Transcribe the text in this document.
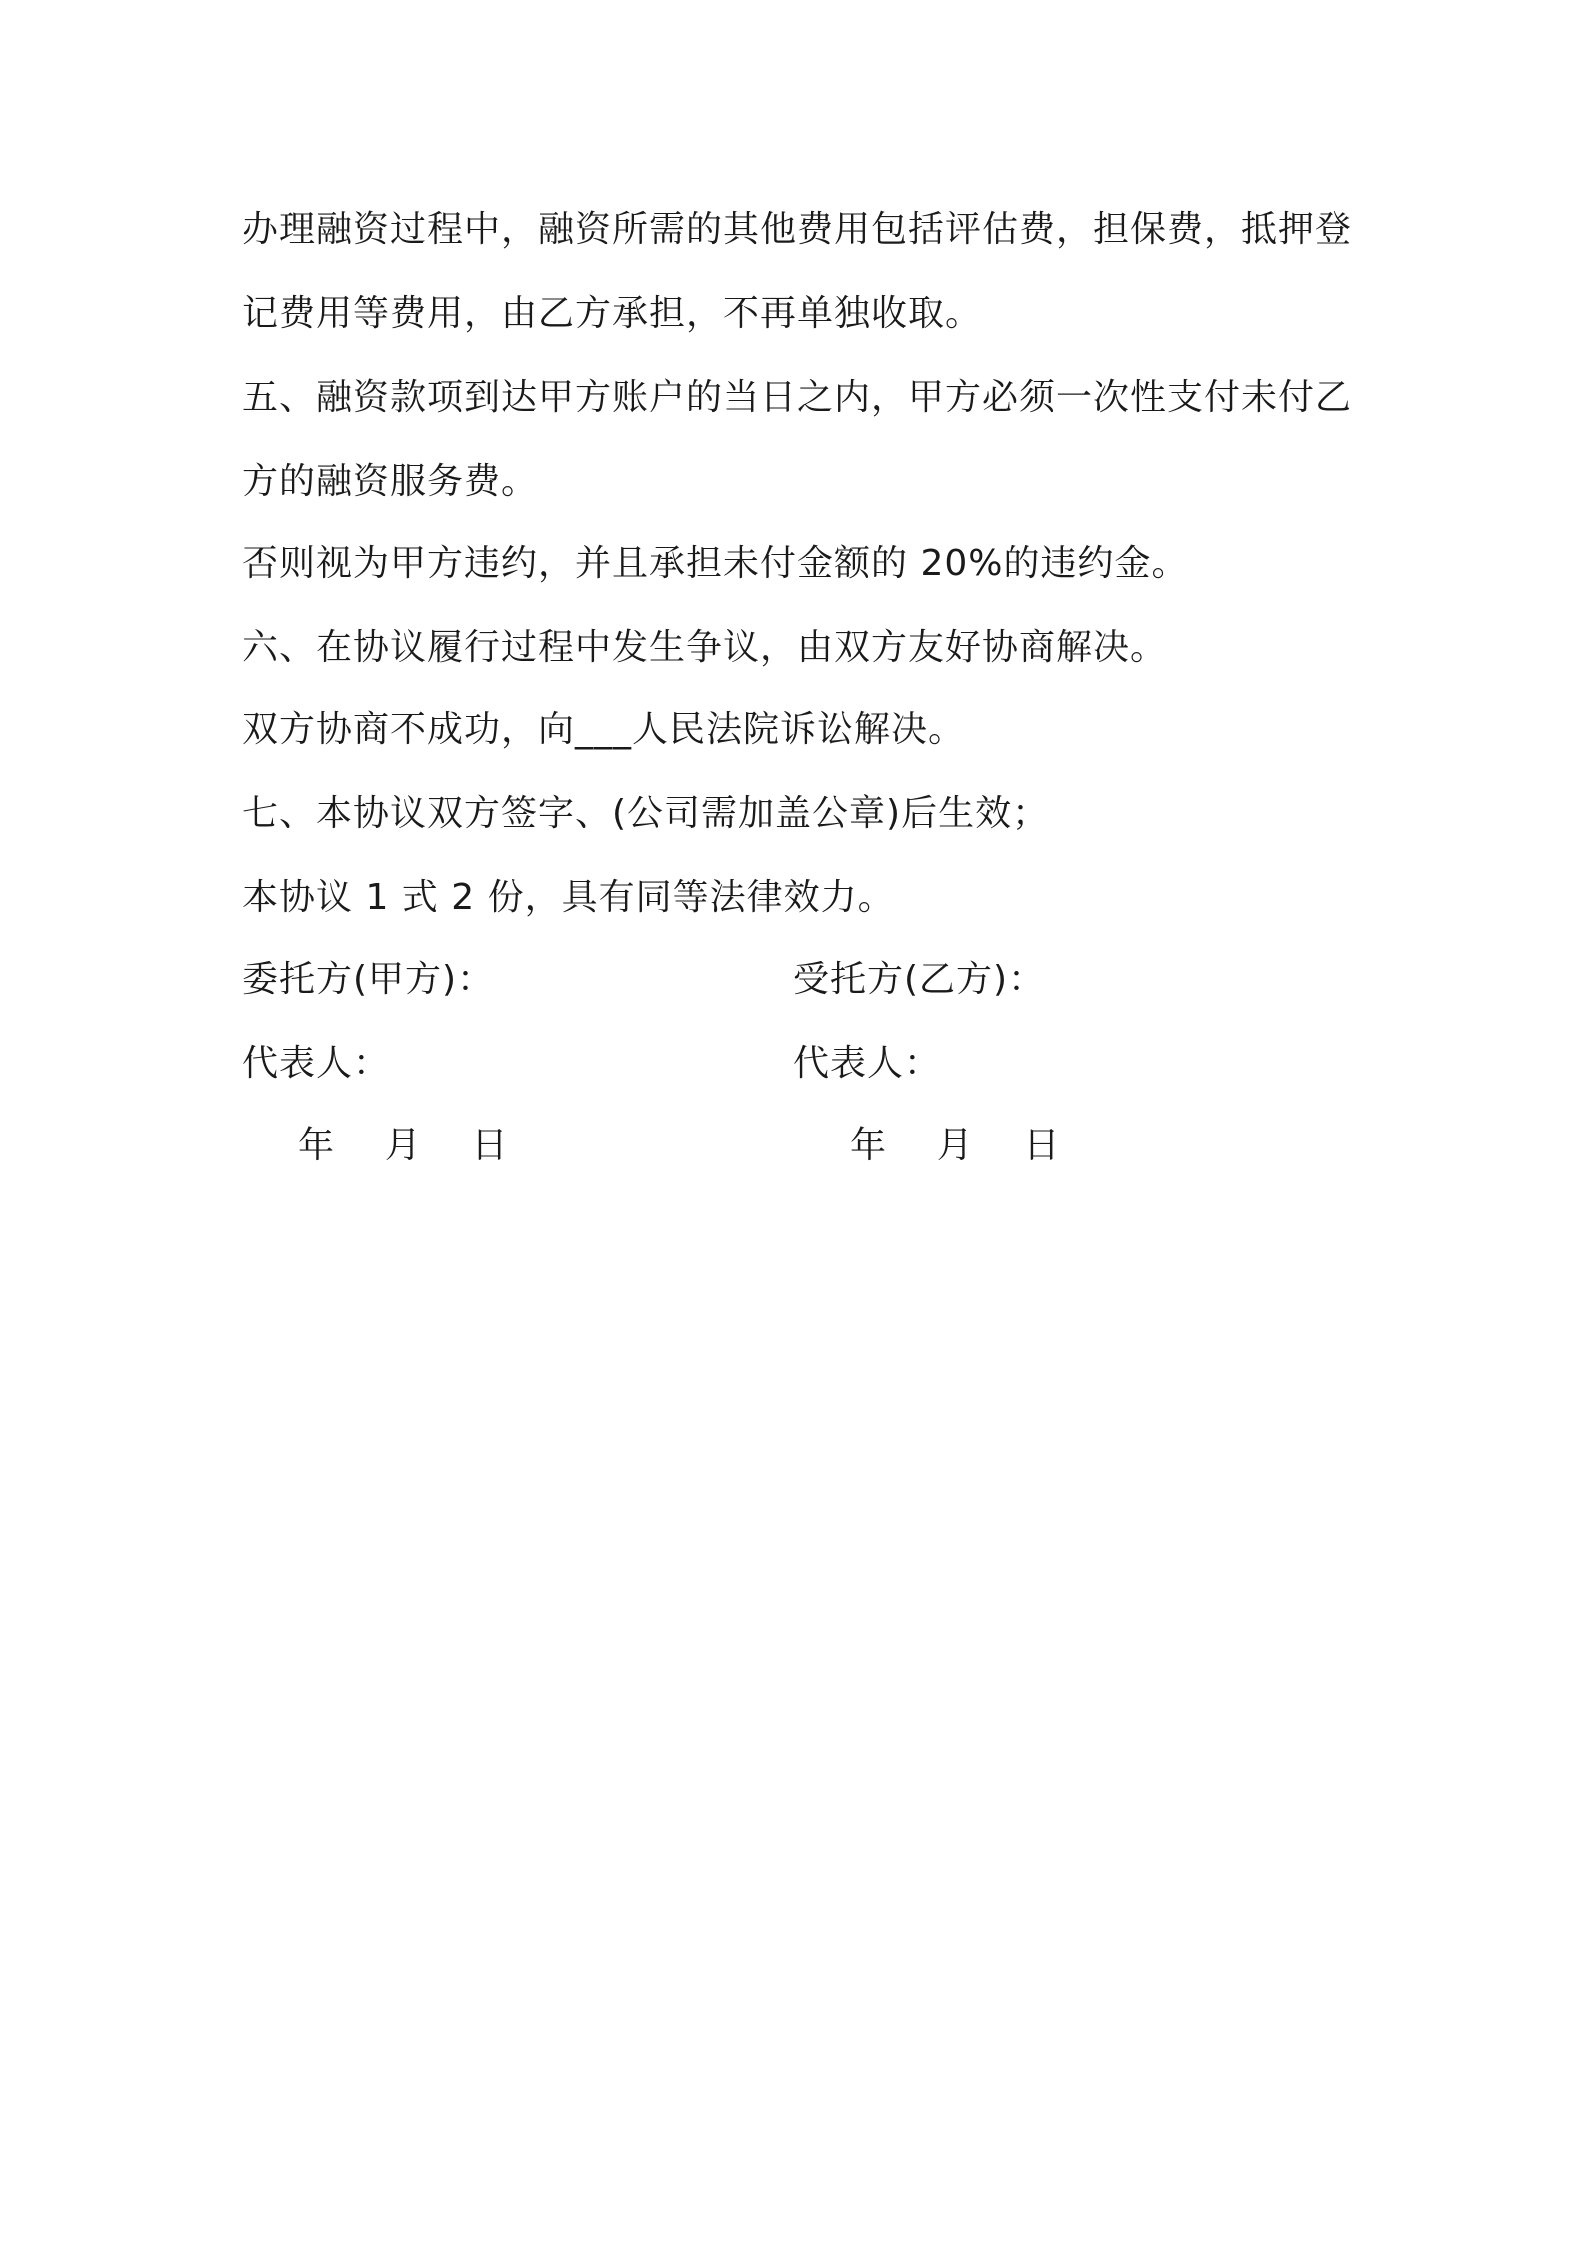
办理融资过程中，融资所需的其他费用包括评估费，担保费，抵押登
记费用等费用，由乙方承担，不再单独收取。
五、融资款项到达甲方账户的当日之内，甲方必须一次性支付未付乙
方的融资服务费。
否则视为甲方违约，并且承担未付金额的 20%的违约金。
六、在协议履行过程中发生争议，由双方友好协商解决。
双方协商不成功，向___人民法院诉讼解决。
七、本协议双方签字、(公司需加盖公章)后生效；
本协议 1 式 2 份，具有同等法律效力。
委托方(甲方)：	受托方(乙方)：
代表人：	代表人：
年    月    日	年    月    日
